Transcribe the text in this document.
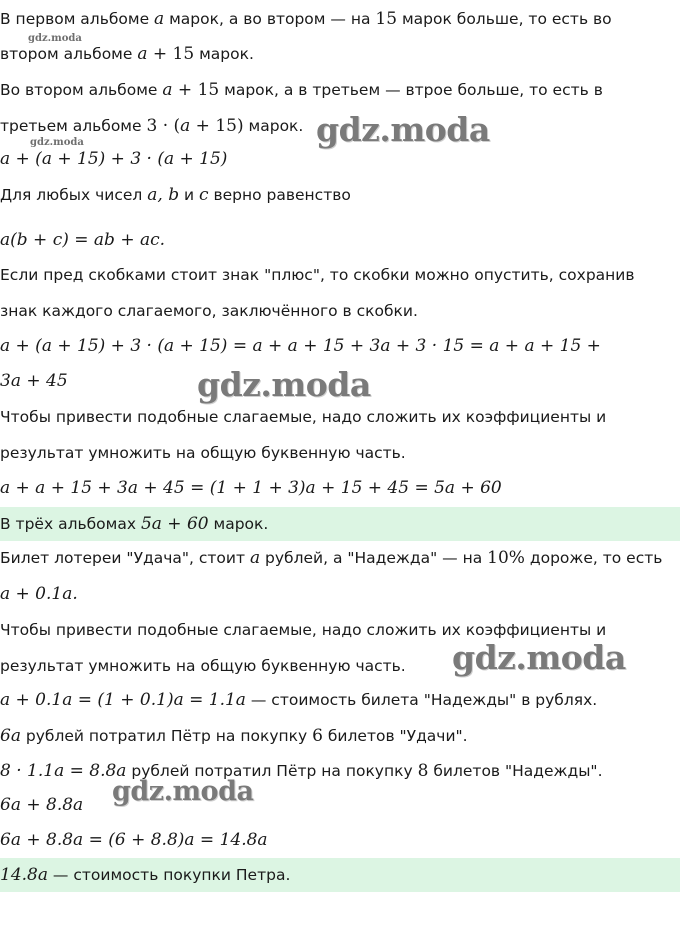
В первом альбоме a марок, а во втором — на 15 марок больше, то есть во
gdz.moda
втором альбоме a + 15 марок.
Во втором альбоме a + 15 марок, а в третьем — втрое больше, то есть в
третьем альбоме 3 · (a + 15) марок.
gdz.moda	gdz.moda
a + (a + 15) + 3 · (a + 15)
Для любых чисел a, b и c верно равенство
a(b + c) = ab + ac.
Если пред скобками стоит знак "плюс", то скобки можно опустить, сохранив
знак каждого слагаемого, заключённого в скобки.
a + (a + 15) + 3 · (a + 15) = a + a + 15 + 3a + 3 · 15 = a + a + 15 +
3a + 45	gdz.moda
Чтобы привести подобные слагаемые, надо сложить их коэффициенты и
результат умножить на общую буквенную часть.
a + a + 15 + 3a + 45 = (1 + 1 + 3)a + 15 + 45 = 5a + 60
В трёх альбомах 5a + 60 марок.
Билет лотереи "Удача", стоит a рублей, а "Надежда" — на 10% дороже, то есть
a + 0.1a.
Чтобы привести подобные слагаемые, надо сложить их коэффициенты и
результат умножить на общую буквенную часть.	gdz.moda
a + 0.1a = (1 + 0.1)a = 1.1a — стоимость билета "Надежды" в рублях.
6a рублей потратил Пётр на покупку 6 билетов "Удачи".
8 · 1.1a = 8.8a рублей потратил Пётр на покупку 8 билетов "Надежды".
6a + 8.8a	gdz.moda
6a + 8.8a = (6 + 8.8)a = 14.8a
14.8a — стоимость покупки Петра.
